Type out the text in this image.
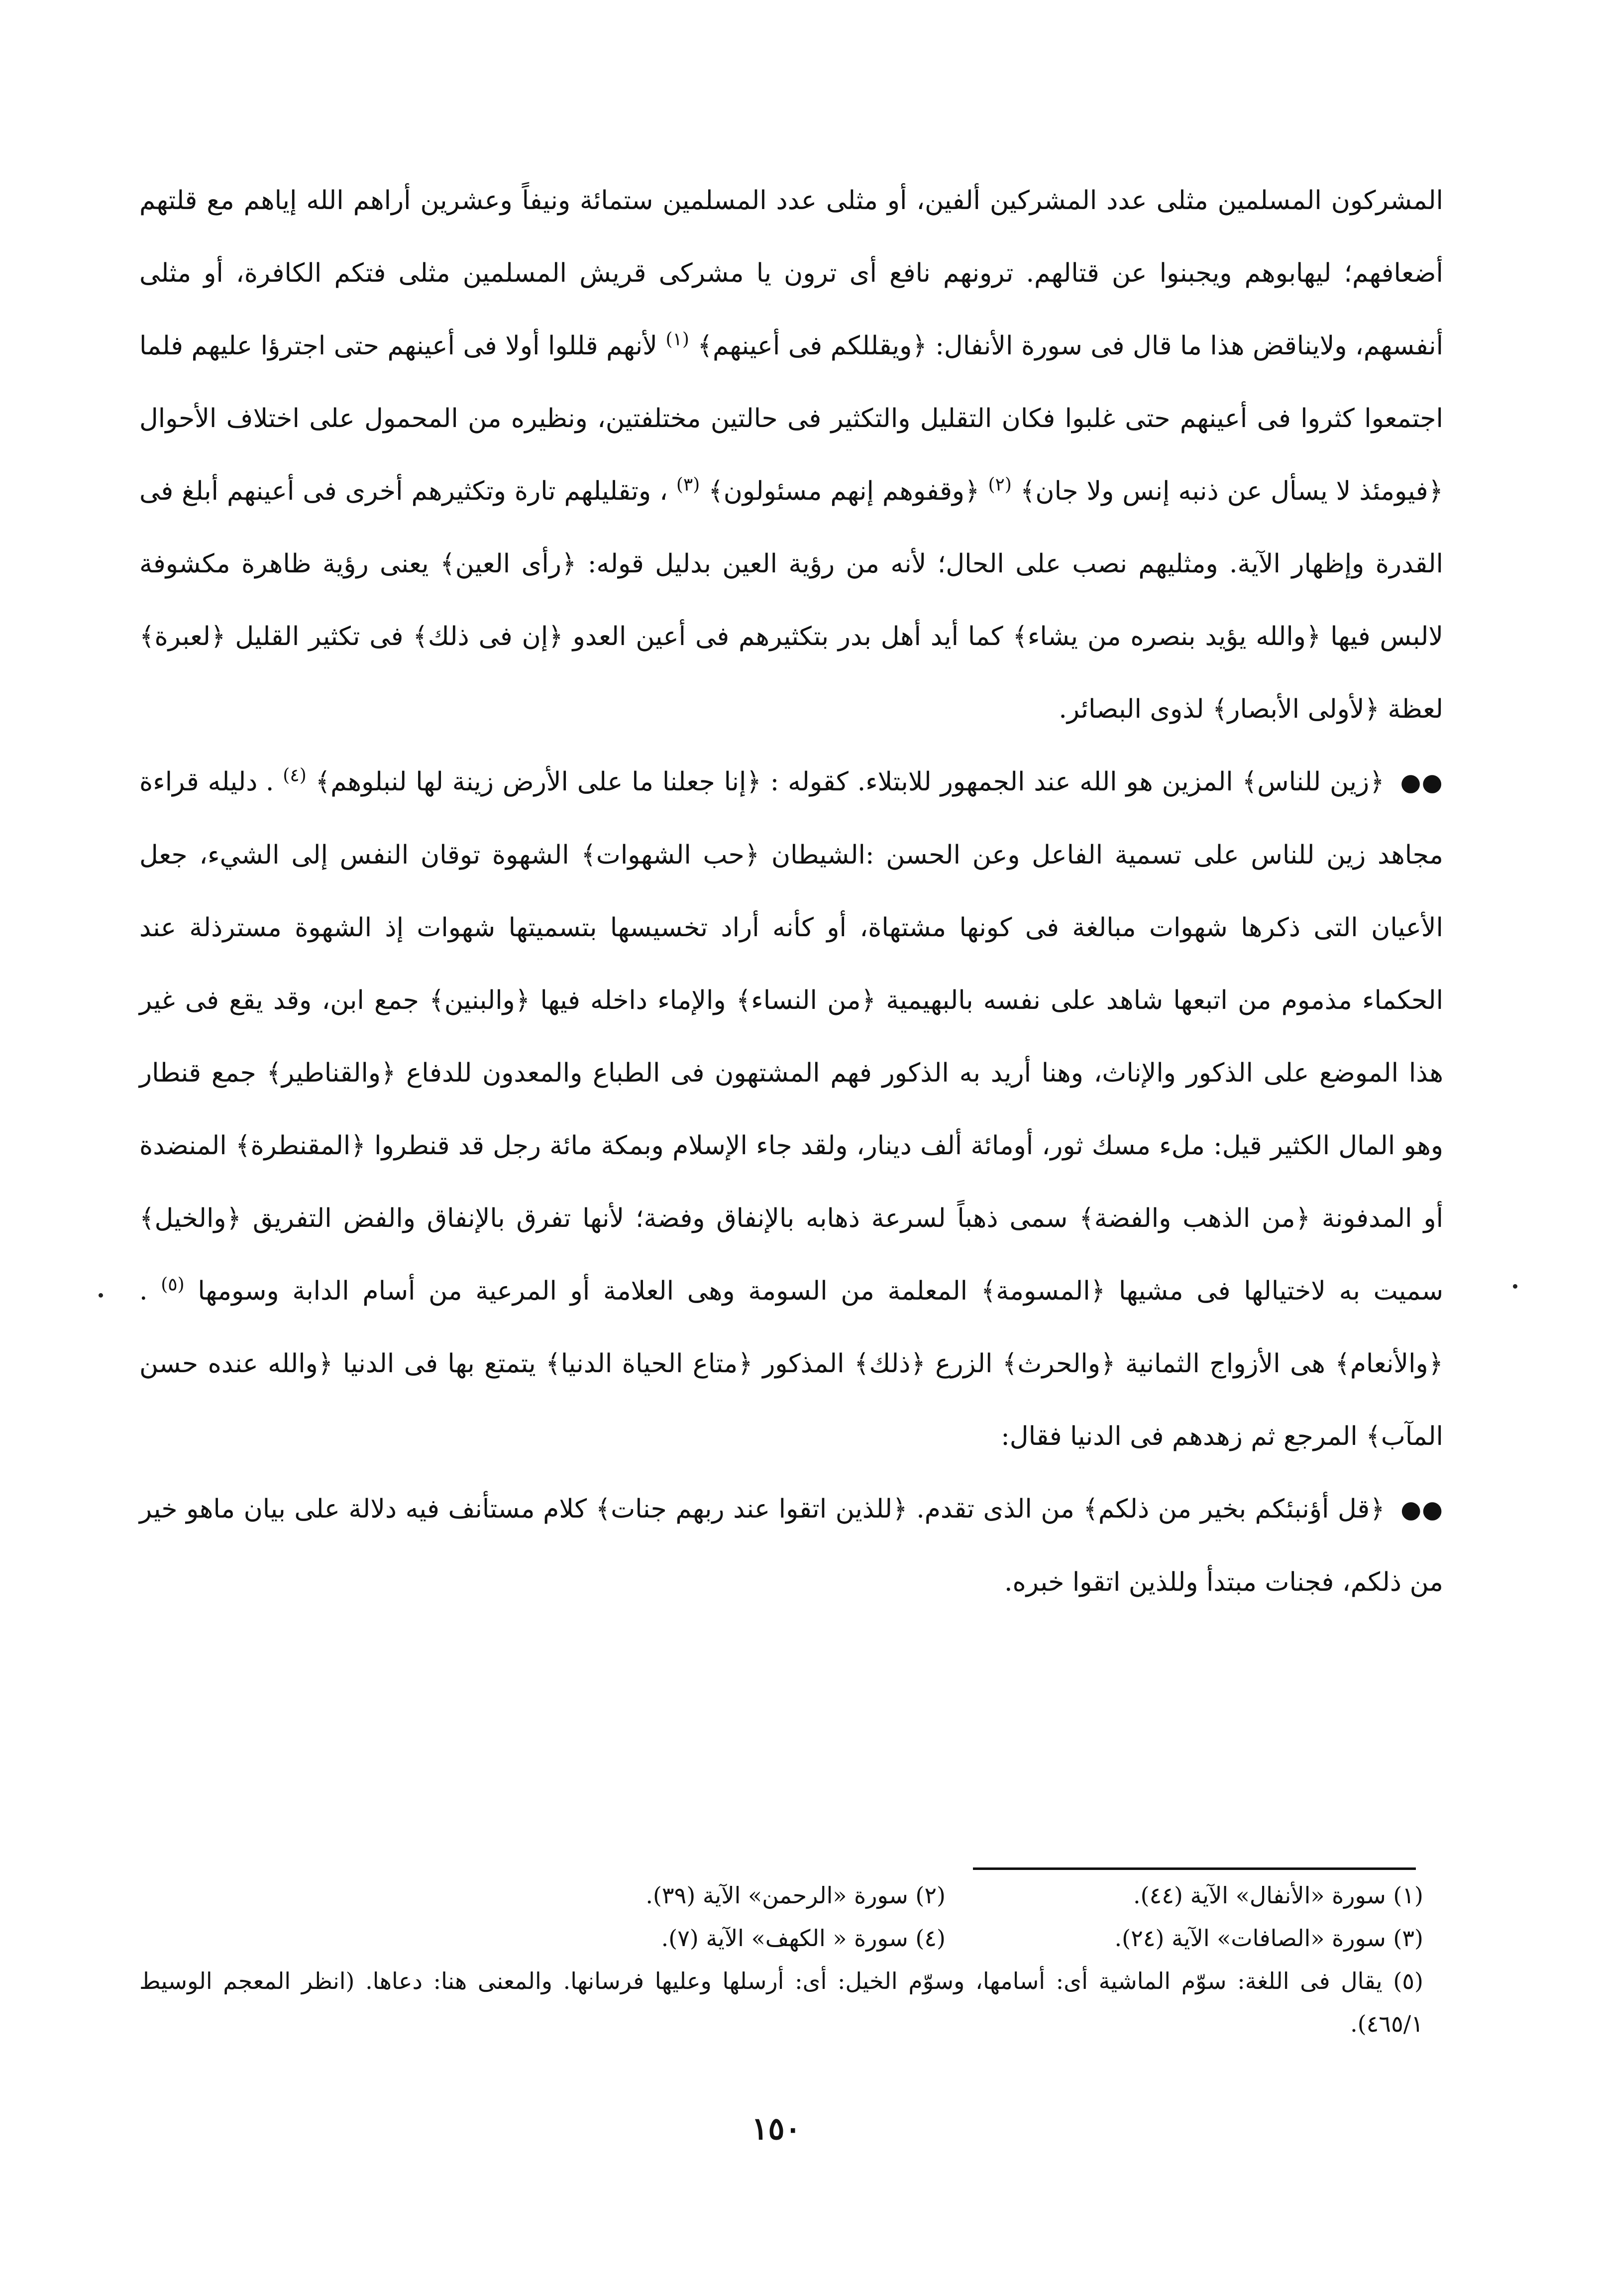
المشركون المسلمين مثلى عدد المشركين ألفين، أو مثلى عدد المسلمين ستمائة ونيفاً وعشرين أراهم الله إياهم مع قلتهم أضعافهم؛ ليهابوهم ويجبنوا عن قتالهم. ترونهم نافع أى ترون يا مشركى قريش المسلمين مثلى فتكم الكافرة، أو مثلى أنفسهم، ولايناقض هذا ما قال فى سورة الأنفال: ﴿ويقللكم فى أعينهم﴾ $^{(١)}$ لأنهم قللوا أولا فى أعينهم حتى اجترؤا عليهم فلما اجتمعوا كثروا فى أعينهم حتى غلبوا فكان التقليل والتكثير فى حالتين مختلفتين، ونظيره من المحمول على اختلاف الأحوال ﴿فيومئذ لا يسأل عن ذنبه إنس ولا جان﴾ $^{(٢)}$ ﴿وقفوهم إنهم مسئولون﴾ $^{(٣)}$ ، وتقليلهم تارة وتكثيرهم أخرى فى أعينهم أبلغ فى القدرة وإظهار الآية. ومثليهم نصب على الحال؛ لأنه من رؤية العين بدليل قوله: ﴿رأى العين﴾ يعنى رؤية ظاهرة مكشوفة لالبس فيها ﴿والله يؤيد بنصره من يشاء﴾ كما أيد أهل بدر بتكثيرهم فى أعين العدو ﴿إن فى ذلك﴾ فى تكثير القليل ﴿لعبرة﴾ لعظة ﴿لأولى الأبصار﴾ لذوى البصائر.

●● ﴿زين للناس﴾ المزين هو الله عند الجمهور للابتلاء. كقوله : ﴿إنا جعلنا ما على الأرض زينة لها لنبلوهم﴾ $^{(٤)}$ . دليله قراءة مجاهد زين للناس على تسمية الفاعل وعن الحسن :الشيطان ﴿حب الشهوات﴾ الشهوة توقان النفس إلى الشيء، جعل الأعيان التى ذكرها شهوات مبالغة فى كونها مشتهاة، أو كأنه أراد تخسيسها بتسميتها شهوات إذ الشهوة مسترذلة عند الحكماء مذموم من اتبعها شاهد على نفسه بالبهيمية ﴿من النساء﴾ والإماء داخله فيها ﴿والبنين﴾ جمع ابن، وقد يقع فى غير هذا الموضع على الذكور والإناث، وهنا أريد به الذكور فهم المشتهون فى الطباع والمعدون للدفاع ﴿والقناطير﴾ جمع قنطار وهو المال الكثير قيل: ملء مسك ثور، أومائة ألف دينار، ولقد جاء الإسلام وبمكة مائة رجل قد قنطروا ﴿المقنطرة﴾ المنضدة أو المدفونة ﴿من الذهب والفضة﴾ سمى ذهباً لسرعة ذهابه بالإنفاق وفضة؛ لأنها تفرق بالإنفاق والفض التفريق ﴿والخيل﴾ سميت به لاختيالها فى مشيها ﴿المسومة﴾ المعلمة من السومة وهى العلامة أو المرعية من أسام الدابة وسومها $^{(٥)}$ . ﴿والأنعام﴾ هى الأزواج الثمانية ﴿والحرث﴾ الزرع ﴿ذلك﴾ المذكور ﴿متاع الحياة الدنيا﴾ يتمتع بها فى الدنيا ﴿والله عنده حسن المآب﴾ المرجع ثم زهدهم فى الدنيا فقال:

●● ﴿قل أؤنبئكم بخير من ذلكم﴾ من الذى تقدم. ﴿للذين اتقوا عند ربهم جنات﴾ كلام مستأنف فيه دلالة على بيان ماهو خير من ذلكم، فجنات مبتدأ وللذين اتقوا خبره.

(١) سورة «الأنفال» الآية (٤٤).
(٢) سورة «الرحمن» الآية (٣٩).
(٣) سورة «الصافات» الآية (٢٤).
(٤) سورة « الكهف» الآية (٧).

(٥) يقال فى اللغة: سوّم الماشية أى: أسامها، وسوّم الخيل: أى: أرسلها وعليها فرسانها. والمعنى هنا: دعاها. (انظر المعجم الوسيط ٤٦٥/١).

١٥٠
